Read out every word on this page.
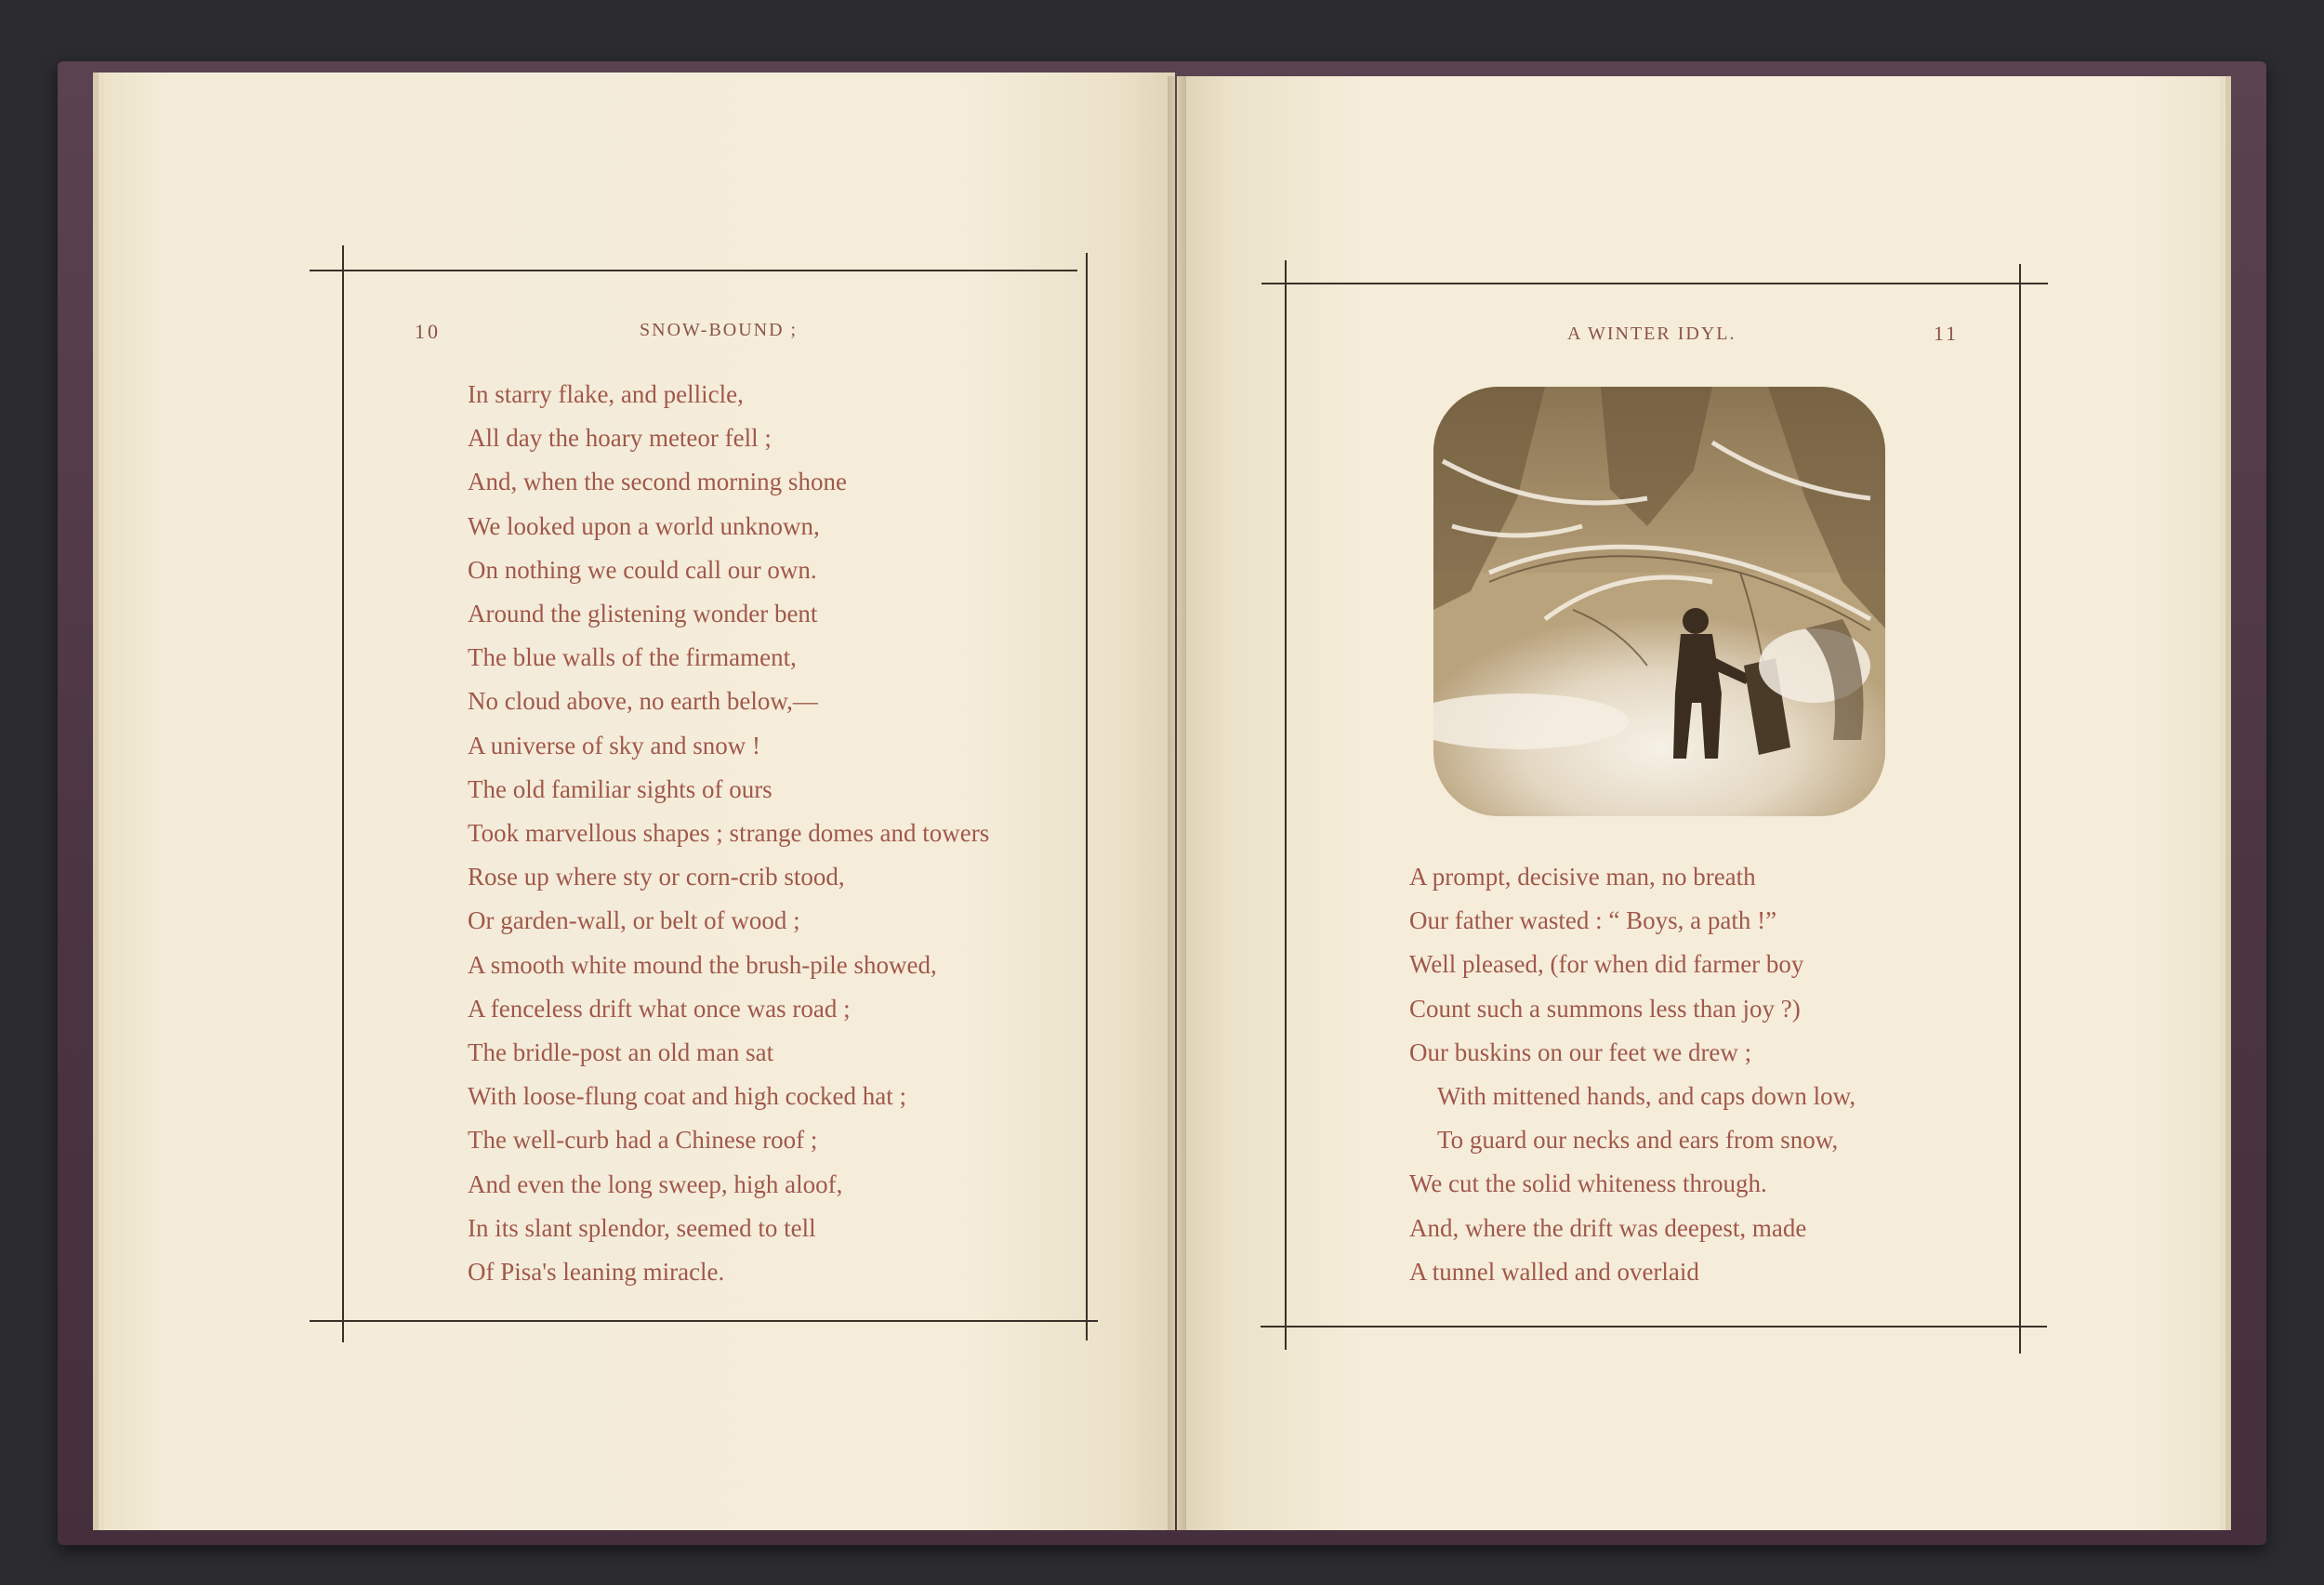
10	SNOW-BOUND ;
In starry flake, and pellicle,
All day the hoary meteor fell ;
And, when the second morning shone
We looked upon a world unknown,
On nothing we could call our own.
Around the glistening wonder bent
The blue walls of the firmament,
No cloud above, no earth below,—
A universe of sky and snow !
The old familiar sights of ours
Took marvellous shapes ; strange domes and towers
Rose up where sty or corn-crib stood,
Or garden-wall, or belt of wood ;
A smooth white mound the brush-pile showed,
A fenceless drift what once was road ;
The bridle-post an old man sat
With loose-flung coat and high cocked hat ;
The well-curb had a Chinese roof ;
And even the long sweep, high aloof,
In its slant splendor, seemed to tell
Of Pisa's leaning miracle.
A WINTER IDYL.	11
A prompt, decisive man, no breath
Our father wasted : “ Boys, a path !”
Well pleased, (for when did farmer boy
Count such a summons less than joy ?)
Our buskins on our feet we drew ;
With mittened hands, and caps down low,
To guard our necks and ears from snow,
We cut the solid whiteness through.
And, where the drift was deepest, made
A tunnel walled and overlaid
